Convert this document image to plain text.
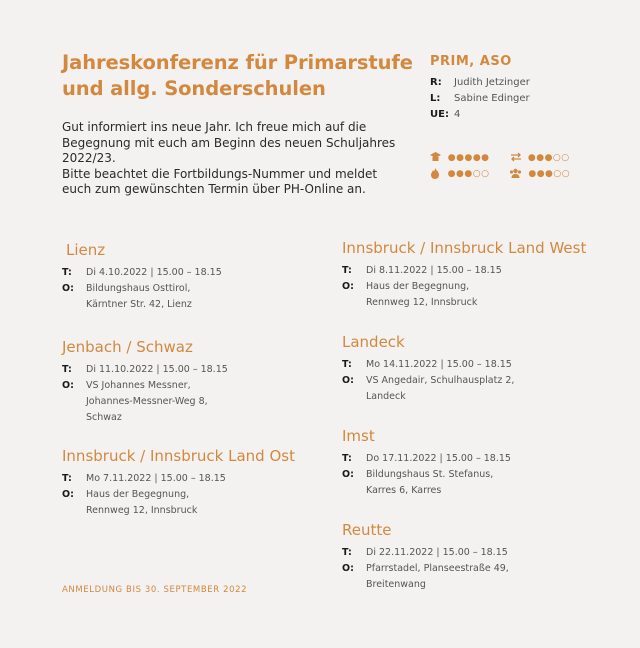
Jahreskonferenz für Primarstufe und allg. Sonderschulen

Gut informiert ins neue Jahr. Ich freue mich auf die Begegnung mit euch am Beginn des neuen Schuljahres 2022/23.

Bitte beachtet die Fortbildungs-Nummer und meldet euch zum gewünschten Termin über PH-Online an.

PRIM, ASO
R:	Judith Jetzinger
L:	Sabine Edinger
UE: 4
●●●●●	●●●○○
●●●○○	●●●○○
Lienz
T:	Di 4.10.2022 | 15.00 – 18.15
O:	Bildungshaus Osttirol,
Kärntner Str. 42, Lienz
Jenbach / Schwaz
T:	Di 11.10.2022 | 15.00 – 18.15
O:	VS Johannes Messner,
Johannes-Messner-Weg 8,
Schwaz
Innsbruck / Innsbruck Land Ost
T:	Mo 7.11.2022 | 15.00 – 18.15
O:	Haus der Begegnung,
Rennweg 12, Innsbruck
Innsbruck / Innsbruck Land West
T:	Di 8.11.2022 | 15.00 – 18.15
O:	Haus der Begegnung,
Rennweg 12, Innsbruck
Landeck
T:	Mo 14.11.2022 | 15.00 – 18.15
O:	VS Angedair, Schulhausplatz 2,
Landeck
Imst
T:	Do 17.11.2022 | 15.00 – 18.15
O:	Bildungshaus St. Stefanus,
Karres 6, Karres
Reutte
T:	Di 22.11.2022 | 15.00 – 18.15
O:	Pfarrstadel, Planseestraße 49,
Breitenwang
ANMELDUNG BIS 30. SEPTEMBER 2022
